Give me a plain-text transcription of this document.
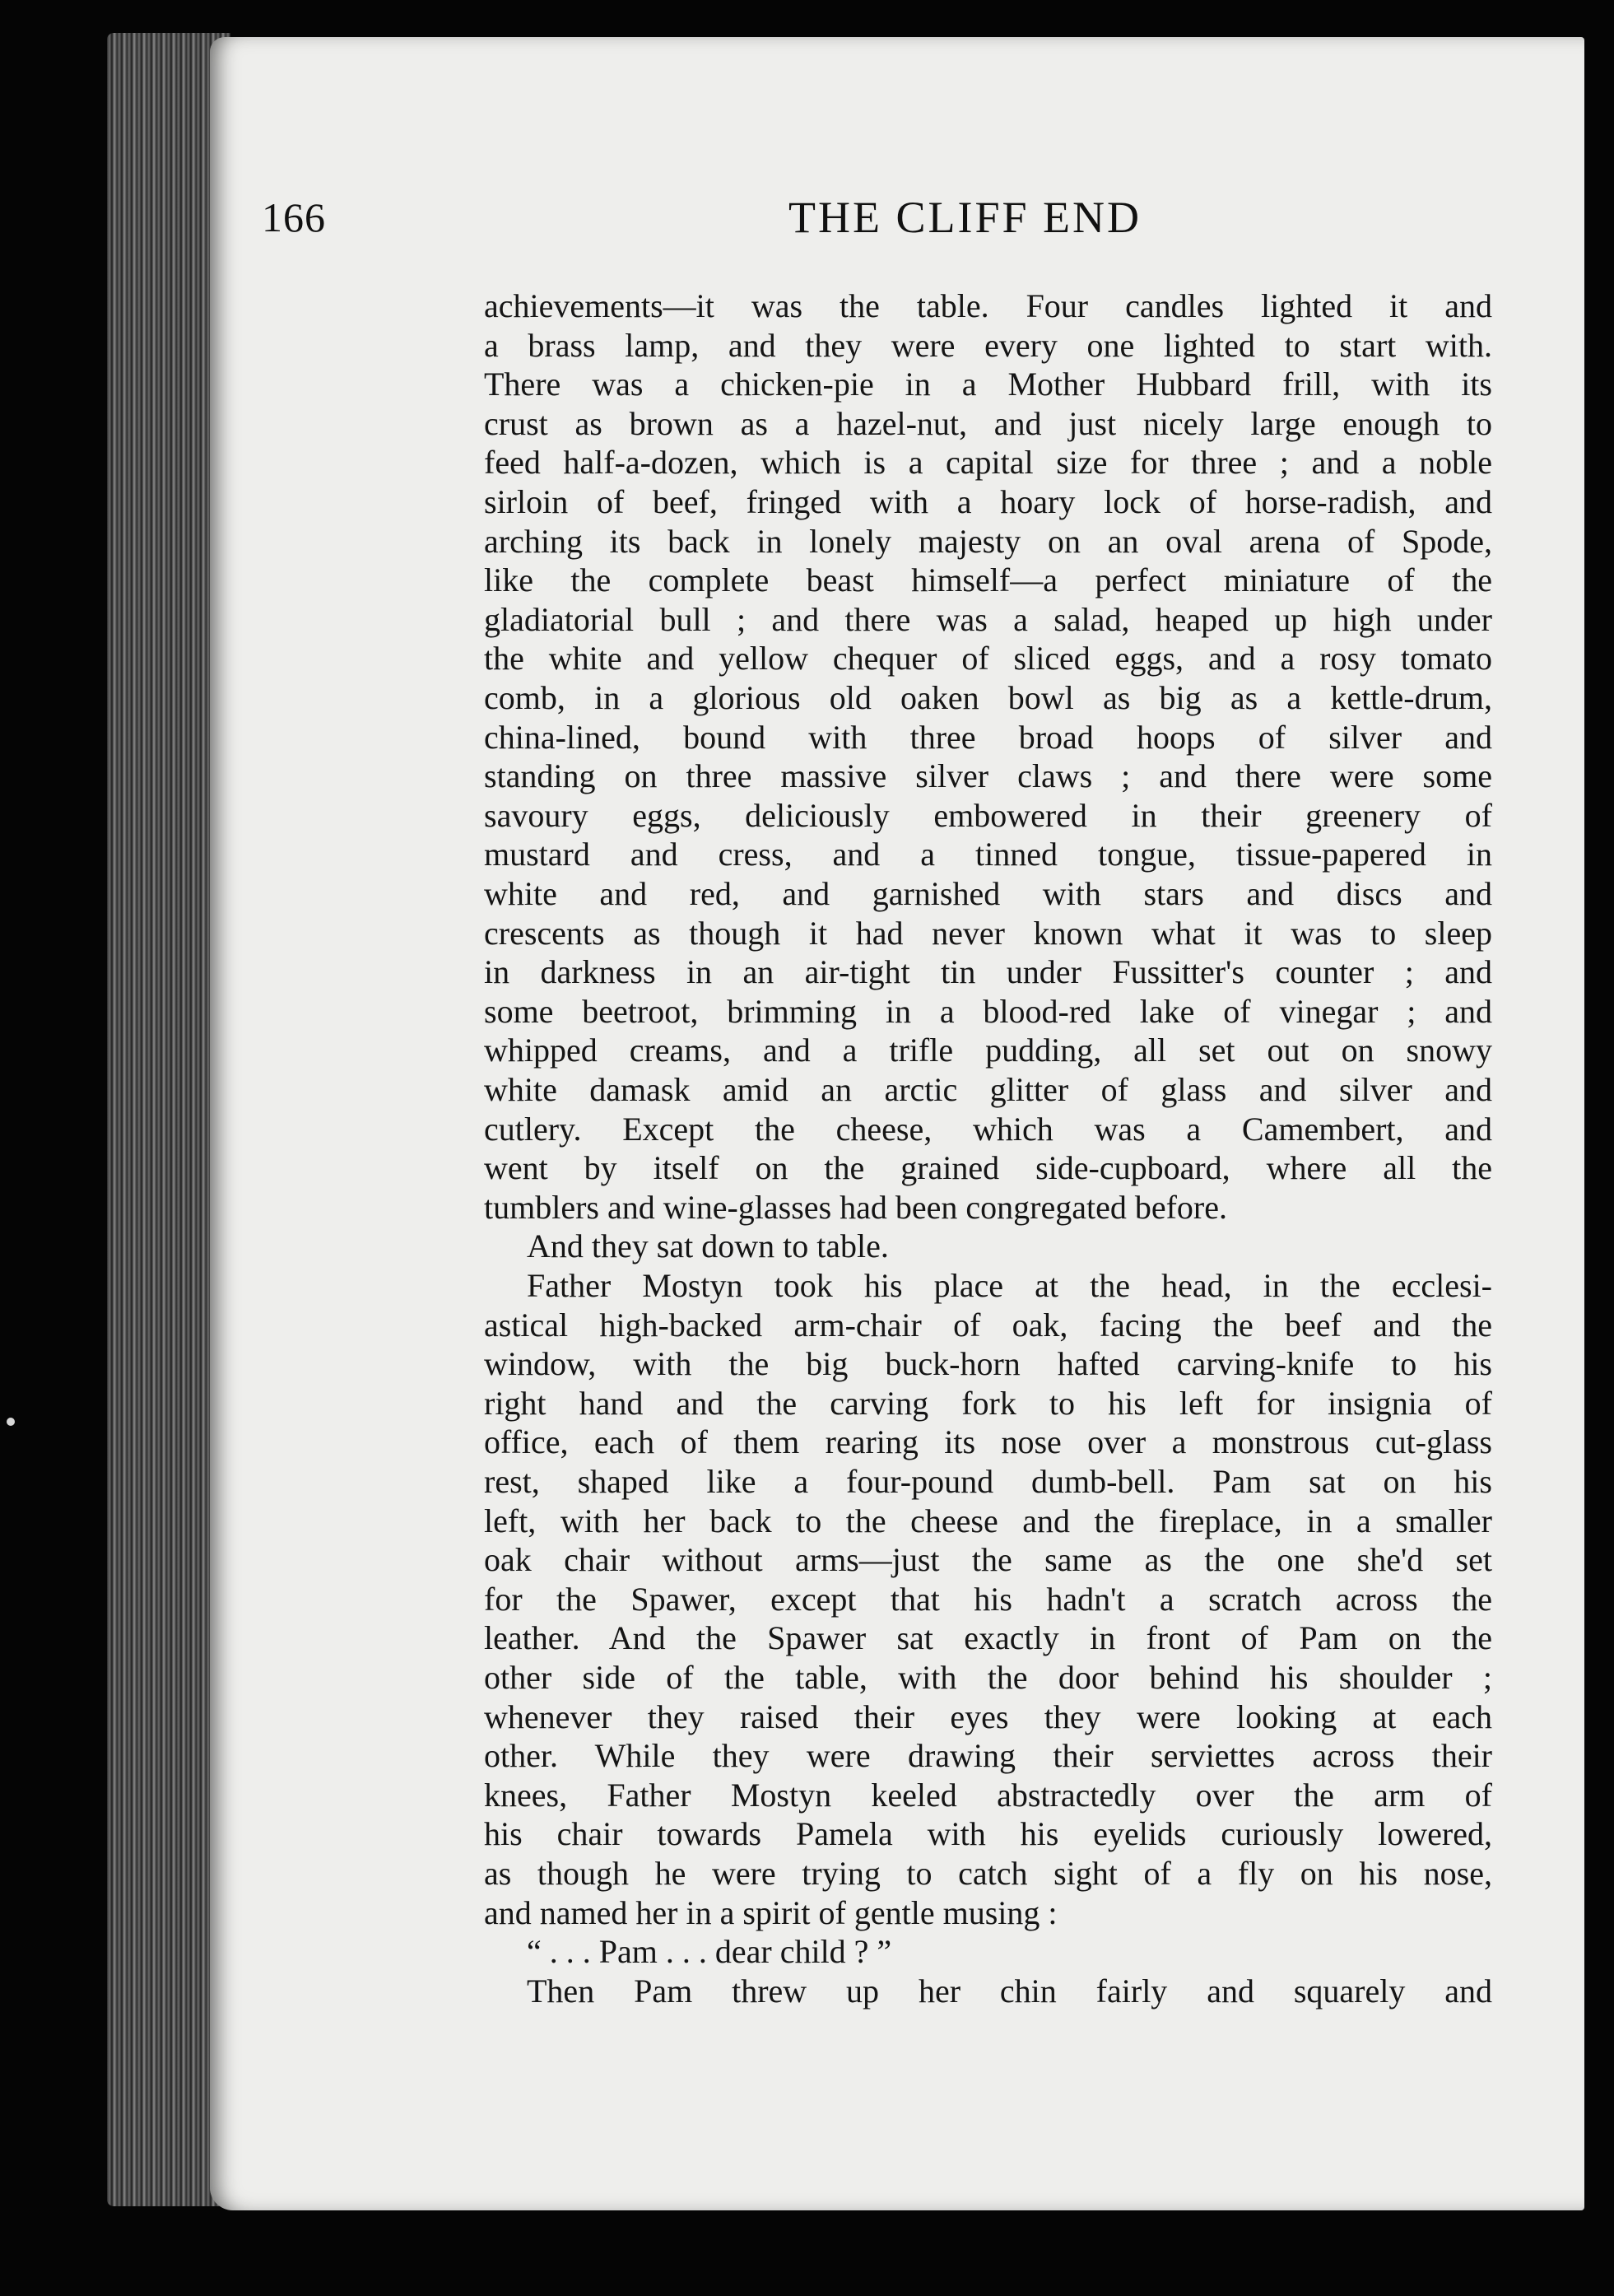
166	THE CLIFF END
achievements—it was the table. Four candles lighted it and
a brass lamp, and they were every one lighted to start with.
There was a chicken-pie in a Mother Hubbard frill, with its
crust as brown as a hazel-nut, and just nicely large enough to
feed half-a-dozen, which is a capital size for three ; and a noble
sirloin of beef, fringed with a hoary lock of horse-radish, and
arching its back in lonely majesty on an oval arena of Spode,
like the complete beast himself—a perfect miniature of the
gladiatorial bull ; and there was a salad, heaped up high under
the white and yellow chequer of sliced eggs, and a rosy tomato
comb, in a glorious old oaken bowl as big as a kettle-drum,
china-lined, bound with three broad hoops of silver and
standing on three massive silver claws ; and there were some
savoury eggs, deliciously embowered in their greenery of
mustard and cress, and a tinned tongue, tissue-papered in
white and red, and garnished with stars and discs and
crescents as though it had never known what it was to sleep
in darkness in an air-tight tin under Fussitter's counter ; and
some beetroot, brimming in a blood-red lake of vinegar ; and
whipped creams, and a trifle pudding, all set out on snowy
white damask amid an arctic glitter of glass and silver and
cutlery. Except the cheese, which was a Camembert, and
went by itself on the grained side-cupboard, where all the
tumblers and wine-glasses had been congregated before.
And they sat down to table.
Father Mostyn took his place at the head, in the ecclesi-
astical high-backed arm-chair of oak, facing the beef and the
window, with the big buck-horn hafted carving-knife to his
right hand and the carving fork to his left for insignia of
office, each of them rearing its nose over a monstrous cut-glass
rest, shaped like a four-pound dumb-bell. Pam sat on his
left, with her back to the cheese and the fireplace, in a smaller
oak chair without arms—just the same as the one she'd set
for the Spawer, except that his hadn't a scratch across the
leather. And the Spawer sat exactly in front of Pam on the
other side of the table, with the door behind his shoulder ;
whenever they raised their eyes they were looking at each
other. While they were drawing their serviettes across their
knees, Father Mostyn keeled abstractedly over the arm of
his chair towards Pamela with his eyelids curiously lowered,
as though he were trying to catch sight of a fly on his nose,
and named her in a spirit of gentle musing :
“ . . . Pam . . . dear child ? ”
Then Pam threw up her chin fairly and squarely and
